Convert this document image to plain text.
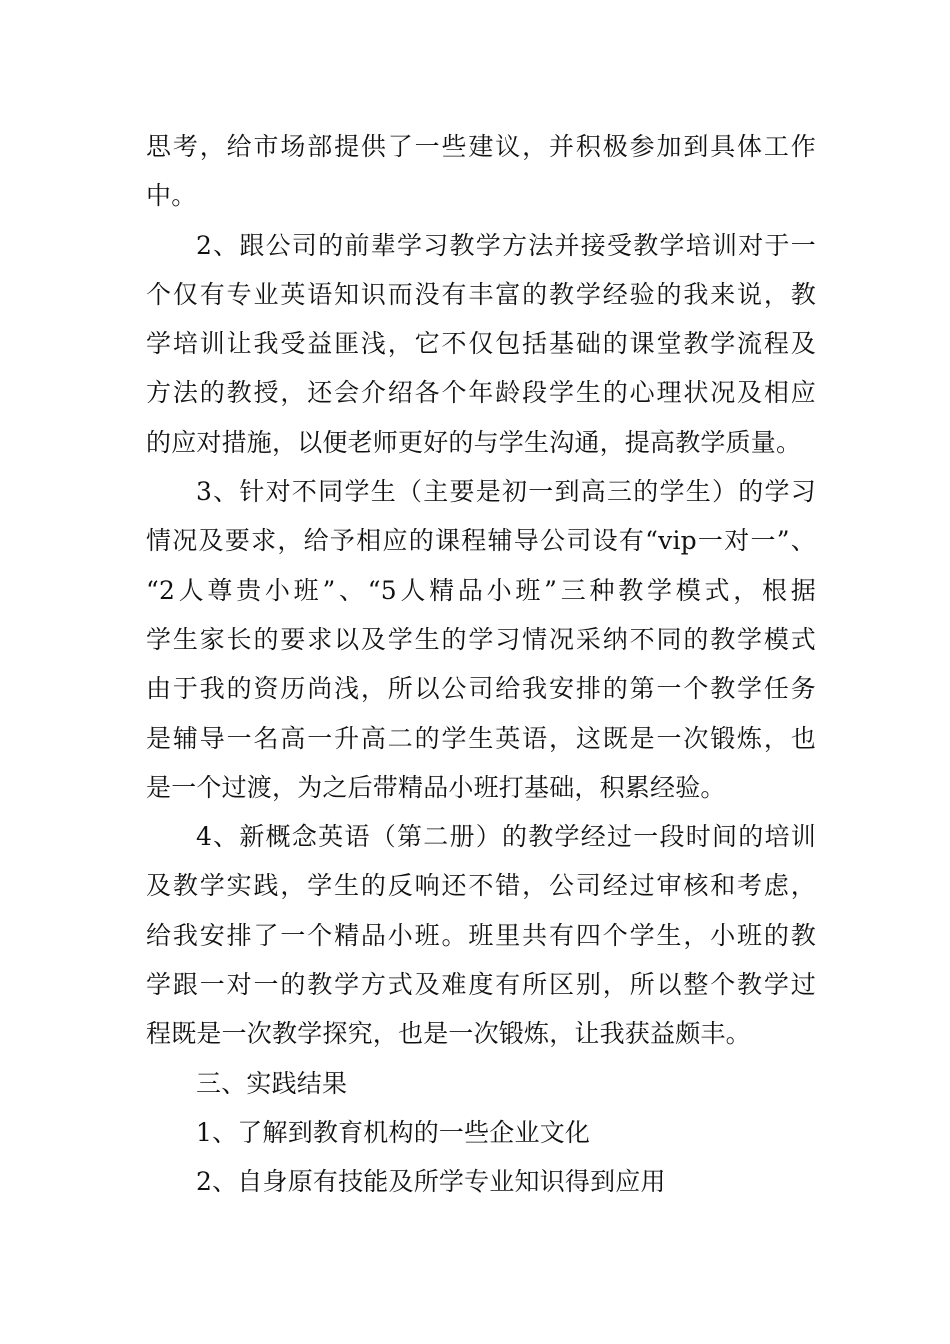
思考，给市场部提供了一些建议，并积极参加到具体工作
中。

2、跟公司的前辈学习教学方法并接受教学培训对于一
个仅有专业英语知识而没有丰富的教学经验的我来说，教
学培训让我受益匪浅，它不仅包括基础的课堂教学流程及
方法的教授，还会介绍各个年龄段学生的心理状况及相应
的应对措施，以便老师更好的与学生沟通，提高教学质量。

3、针对不同学生（主要是初一到高三的学生）的学习
情况及要求，给予相应的课程辅导公司设有“vip一对一”、
“2人尊贵小班”、“5人精品小班”三种教学模式，根据
学生家长的要求以及学生的学习情况采纳不同的教学模式
由于我的资历尚浅，所以公司给我安排的第一个教学任务
是辅导一名高一升高二的学生英语，这既是一次锻炼，也
是一个过渡，为之后带精品小班打基础，积累经验。

4、新概念英语（第二册）的教学经过一段时间的培训
及教学实践，学生的反响还不错，公司经过审核和考虑，
给我安排了一个精品小班。班里共有四个学生，小班的教
学跟一对一的教学方式及难度有所区别，所以整个教学过
程既是一次教学探究，也是一次锻炼，让我获益颇丰。

三、实践结果

1、了解到教育机构的一些企业文化

2、自身原有技能及所学专业知识得到应用
